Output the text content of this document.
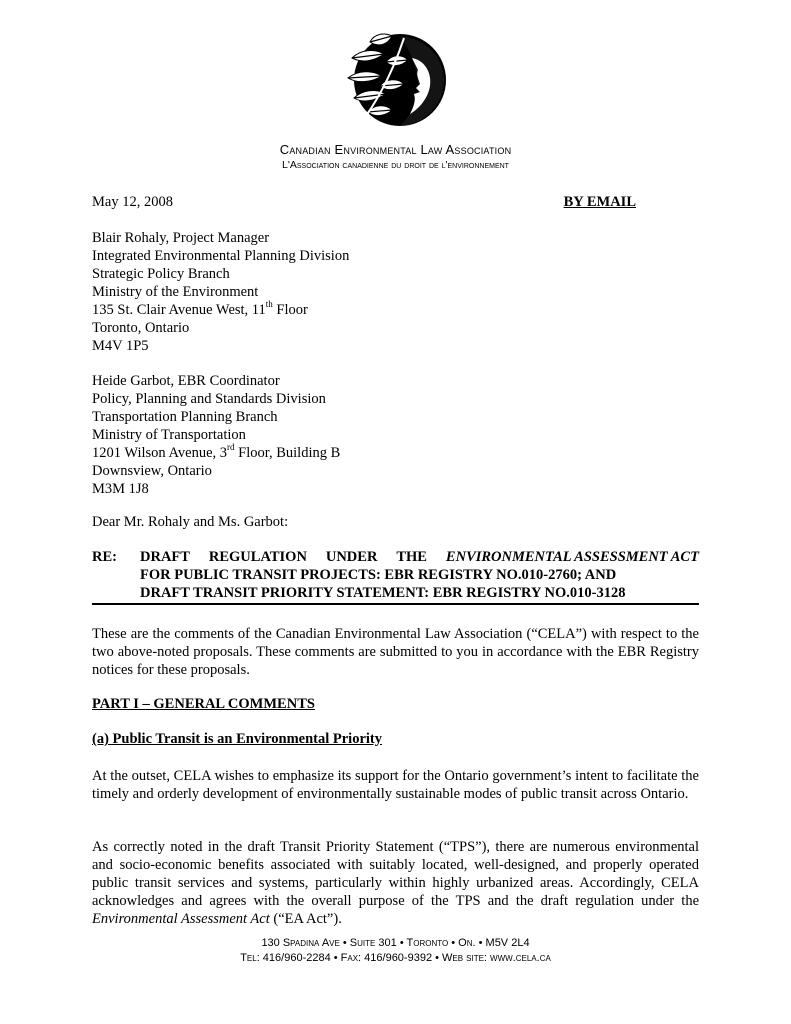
Canadian Environmental Law Association
L'Association canadienne du droit de l'environnement
May 12, 2008	BY EMAIL
Blair Rohaly, Project Manager
Integrated Environmental Planning Division
Strategic Policy Branch
Ministry of the Environment
135 St. Clair Avenue West, 11th Floor
Toronto, Ontario
M4V 1P5
Heide Garbot, EBR Coordinator
Policy, Planning and Standards Division
Transportation Planning Branch
Ministry of Transportation
1201 Wilson Avenue, 3rd Floor, Building B
Downsview, Ontario
M3M 1J8
Dear Mr. Rohaly and Ms. Garbot:
RE: DRAFT REGULATION UNDER THE ENVIRONMENTAL ASSESSMENT ACT
FOR PUBLIC TRANSIT PROJECTS: EBR REGISTRY NO.010-2760; AND
DRAFT TRANSIT PRIORITY STATEMENT: EBR REGISTRY NO.010-3128
These are the comments of the Canadian Environmental Law Association (“CELA”) with respect to the two above-noted proposals. These comments are submitted to you in accordance with the EBR Registry notices for these proposals.
PART I – GENERAL COMMENTS
(a) Public Transit is an Environmental Priority
At the outset, CELA wishes to emphasize its support for the Ontario government’s intent to facilitate the timely and orderly development of environmentally sustainable modes of public transit across Ontario.
As correctly noted in the draft Transit Priority Statement (“TPS”), there are numerous environmental and socio-economic benefits associated with suitably located, well-designed, and properly operated public transit services and systems, particularly within highly urbanized areas. Accordingly, CELA acknowledges and agrees with the overall purpose of the TPS and the draft regulation under the Environmental Assessment Act (“EA Act”).
130 Spadina Ave • Suite 301 • Toronto • On. • M5V 2L4
Tel: 416/960-2284 • Fax: 416/960-9392 • Web site: www.cela.ca
